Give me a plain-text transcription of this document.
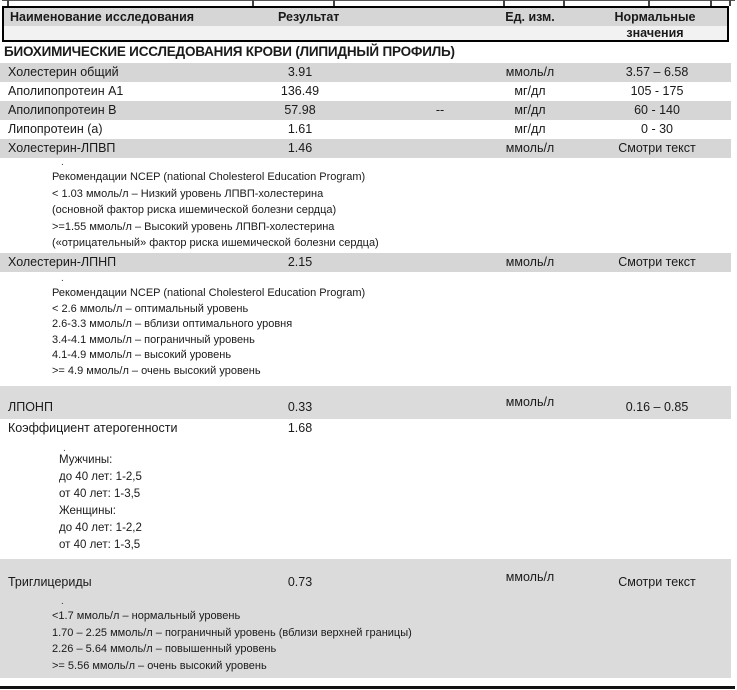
Наименование исследования	Результат	Ед. изм.	Нормальные
значения
БИОХИМИЧЕСКИЕ ИССЛЕДОВАНИЯ КРОВИ (ЛИПИДНЫЙ ПРОФИЛЬ)
Холестерин общий	3.91	ммоль/л	3.57 – 6.58
Аполипопротеин A1	136.49	мг/дл	105 - 175
Аполипопротеин B	57.98	--	мг/дл	60 - 140
Липопротеин (а)	1.61	мг/дл	0 - 30
Холестерин-ЛПВП	1.46	ммоль/л	Смотри текст
.
Рекомендации NCEP (national Cholesterol Education Program)
< 1.03 ммоль/л – Низкий уровень ЛПВП-холестерина
(основной фактор риска ишемической болезни сердца)
>=1.55 ммоль/л – Высокий уровень ЛПВП-холестерина
(«отрицательный» фактор риска ишемической болезни сердца)
Холестерин-ЛПНП	2.15	ммоль/л	Смотри текст
.
Рекомендации NCEP (national Cholesterol Education Program)
< 2.6 ммоль/л – оптимальный уровень
2.6-3.3 ммоль/л – вблизи оптимального уровня
3.4-4.1 ммоль/л – пограничный уровень
4.1-4.9 ммоль/л – высокий уровень
>= 4.9 ммоль/л – очень высокий уровень
ЛПОНП	0.33	ммоль/л	0.16 – 0.85
Коэффициент атерогенности	1.68
.
Мужчины:
до 40 лет: 1-2,5
от 40 лет: 1-3,5
Женщины:
до 40 лет: 1-2,2
от 40 лет: 1-3,5
Триглицериды	0.73	ммоль/л	Смотри текст
.
<1.7 ммоль/л – нормальный уровень
1.70 – 2.25 ммоль/л – пограничный уровень (вблизи верхней границы)
2.26 – 5.64 ммоль/л – повышенный уровень
>= 5.56 ммоль/л – очень высокий уровень
